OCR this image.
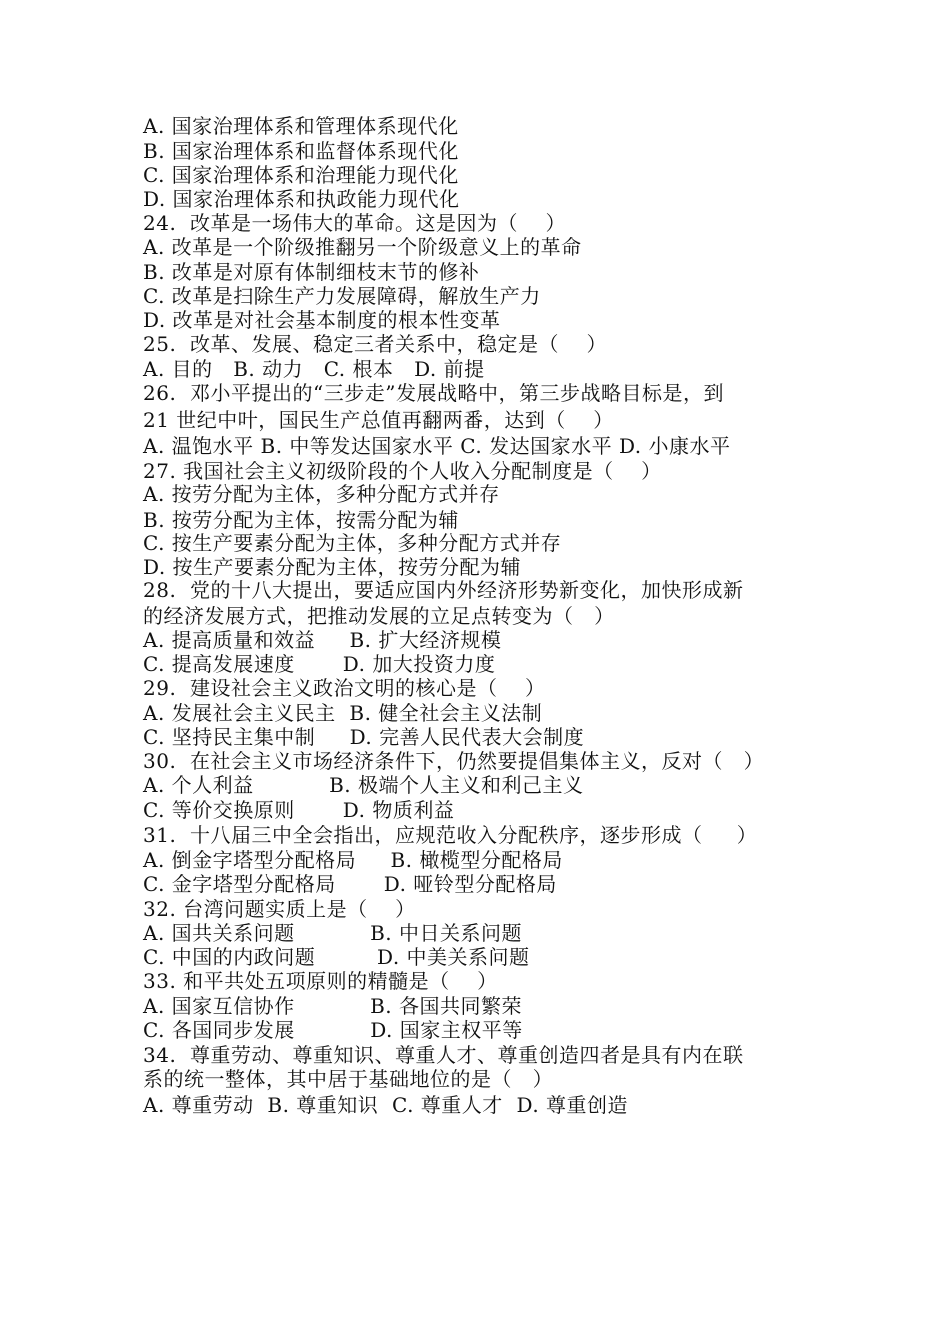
A. 国家治理体系和管理体系现代化
B. 国家治理体系和监督体系现代化
C. 国家治理体系和治理能力现代化
D. 国家治理体系和执政能力现代化
24.  改革是一场伟大的革命。这是因为（    ）
A. 改革是一个阶级推翻另一个阶级意义上的革命
B. 改革是对原有体制细枝末节的修补
C. 改革是扫除生产力发展障碍，解放生产力
D. 改革是对社会基本制度的根本性变革
25.  改革、发展、稳定三者关系中，稳定是（    ）
A. 目的   B. 动力   C. 根本   D. 前提
26.  邓小平提出的“三步走”发展战略中，第三步战略目标是，到
21 世纪中叶，国民生产总值再翻两番，达到（    ）
A. 温饱水平 B. 中等发达国家水平 C. 发达国家水平 D. 小康水平
27. 我国社会主义初级阶段的个人收入分配制度是（    ）
A. 按劳分配为主体，多种分配方式并存
B. 按劳分配为主体，按需分配为辅
C. 按生产要素分配为主体，多种分配方式并存
D. 按生产要素分配为主体，按劳分配为辅
28.  党的十八大提出，要适应国内外经济形势新变化，加快形成新
的经济发展方式，把推动发展的立足点转变为（   ）
A. 提高质量和效益     B. 扩大经济规模
C. 提高发展速度       D. 加大投资力度
29.  建设社会主义政治文明的核心是（    ）
A. 发展社会主义民主  B. 健全社会主义法制
C. 坚持民主集中制     D. 完善人民代表大会制度
30.  在社会主义市场经济条件下，仍然要提倡集体主义，反对（   ）
A. 个人利益           B. 极端个人主义和利己主义
C. 等价交换原则       D. 物质利益
31.  十八届三中全会指出，应规范收入分配秩序，逐步形成（     ）
A. 倒金字塔型分配格局     B. 橄榄型分配格局
C. 金字塔型分配格局       D. 哑铃型分配格局
32. 台湾问题实质上是（    ）
A. 国共关系问题           B. 中日关系问题
C. 中国的内政问题         D. 中美关系问题
33. 和平共处五项原则的精髓是（    ）
A. 国家互信协作           B. 各国共同繁荣
C. 各国同步发展           D. 国家主权平等
34.  尊重劳动、尊重知识、尊重人才、尊重创造四者是具有内在联
系的统一整体，其中居于基础地位的是（   ）
A. 尊重劳动  B. 尊重知识  C. 尊重人才  D. 尊重创造
